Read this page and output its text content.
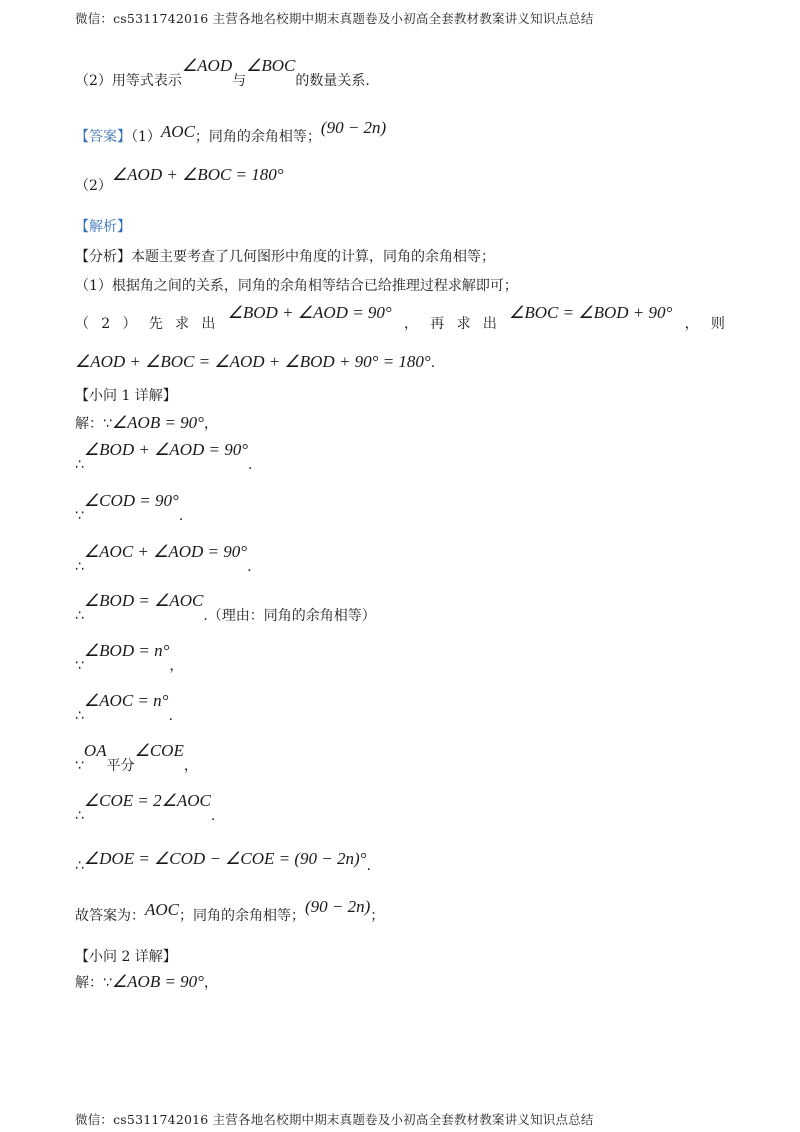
微信：cs5311742016 主营各地名校期中期末真题卷及小初高全套教材教案讲义知识点总结
（2）用等式表示∠AOD与∠BOC的数量关系.
【答案】（1）AOC；同角的余角相等；(90 − 2n)
（2）∠AOD + ∠BOC = 180°
【解析】
【分析】本题主要考查了几何图形中角度的计算，同角的余角相等；
（1）根据角之间的关系，同角的余角相等结合已给推理过程求解即可；
（ 2 ） 先 求 出
∠BOD + ∠AOD = 90°
， 再 求 出
∠BOC = ∠BOD + 90°
， 则
∠AOD + ∠BOC = ∠AOD + ∠BOD + 90° = 180°.
【小问 1 详解】
解：∵∠AOB = 90°，
∴∠BOD + ∠AOD = 90°.
∵∠COD = 90°.
∴∠AOC + ∠AOD = 90°.
∴∠BOD = ∠AOC.（理由：同角的余角相等）
∵∠BOD = n°，
∴∠AOC = n°.
∵OA平分∠COE，
∴∠COE = 2∠AOC.
∴∠DOE = ∠COD − ∠COE = (90 − 2n)°.
故答案为：AOC；同角的余角相等；(90 − 2n)；
【小问 2 详解】
解：∵∠AOB = 90°，
微信：cs5311742016 主营各地名校期中期末真题卷及小初高全套教材教案讲义知识点总结
